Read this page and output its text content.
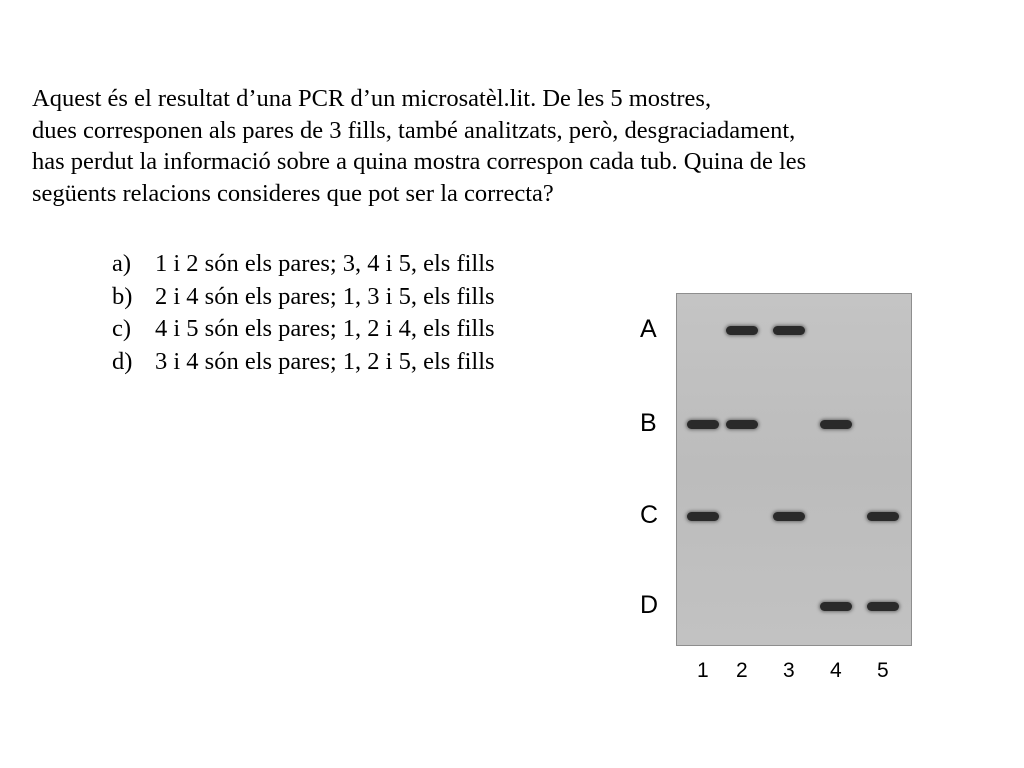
Aquest és el resultat d’una PCR d’un microsatèl.lit. De les 5 mostres,
dues corresponen als pares de 3 fills, també analitzats, però, desgraciadament,
has perdut la informació sobre a quina mostra correspon cada tub. Quina de les
següents relacions consideres que pot ser la correcta?
a) 1 i 2 són els pares; 3, 4 i 5, els fills
b) 2 i 4 són els pares; 1, 3 i 5, els fills
c) 4 i 5 són els pares; 1, 2 i 4, els fills
d) 3 i 4 són els pares; 1, 2 i 5, els fills
A
B
C
D
1 2 3 4 5
